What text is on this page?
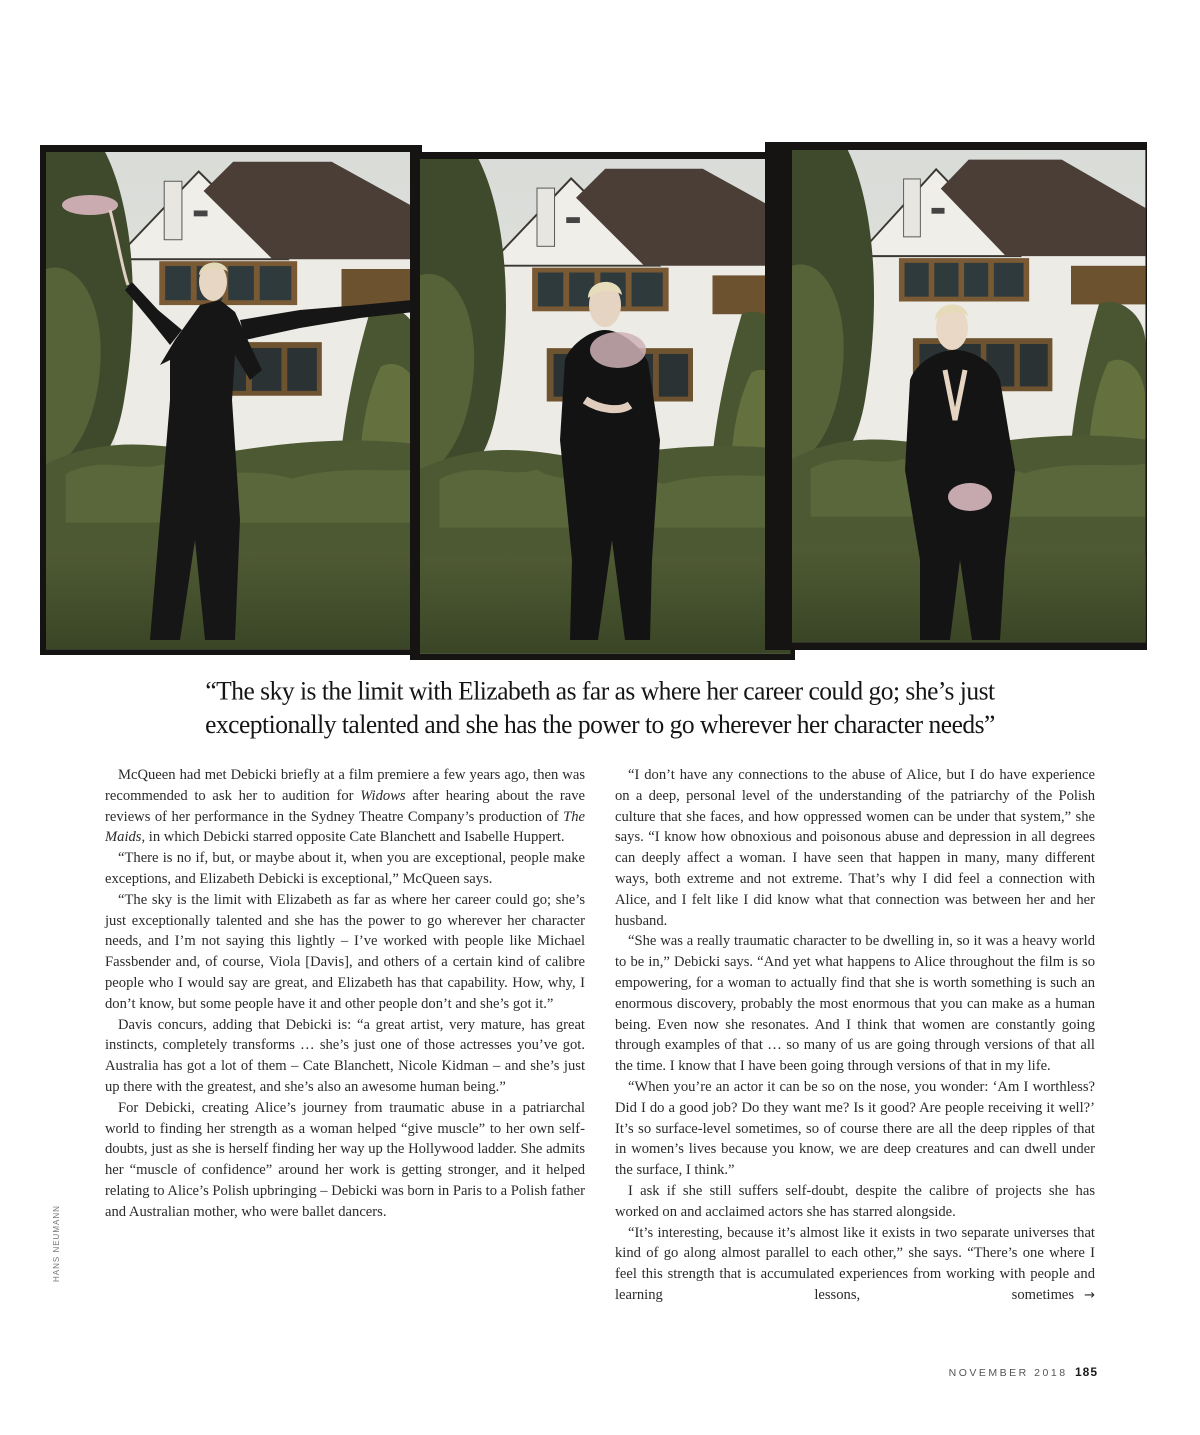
“The sky is the limit with Elizabeth as far as where her career could go; she’s just exceptionally talented and she has the power to go wherever her character needs”

McQueen had met Debicki briefly at a film premiere a few years ago, then was recommended to ask her to audition for Widows after hearing about the rave reviews of her performance in the Sydney Theatre Company’s production of The Maids, in which Debicki starred opposite Cate Blanchett and Isabelle Huppert.

“There is no if, but, or maybe about it, when you are exceptional, people make exceptions, and Elizabeth Debicki is exceptional,” McQueen says.

“The sky is the limit with Elizabeth as far as where her career could go; she’s just exceptionally talented and she has the power to go wherever her character needs, and I’m not saying this lightly – I’ve worked with people like Michael Fassbender and, of course, Viola [Davis], and others of a certain kind of calibre people who I would say are great, and Elizabeth has that capability. How, why, I don’t know, but some people have it and other people don’t and she’s got it.”

Davis concurs, adding that Debicki is: “a great artist, very mature, has great instincts, completely transforms … she’s just one of those actresses you’ve got. Australia has got a lot of them – Cate Blanchett, Nicole Kidman – and she’s just up there with the greatest, and she’s also an awesome human being.”

For Debicki, creating Alice’s journey from traumatic abuse in a patriarchal world to finding her strength as a woman helped “give muscle” to her own self-doubts, just as she is herself finding her way up the Hollywood ladder. She admits her “muscle of confidence” around her work is getting stronger, and it helped relating to Alice’s Polish upbringing – Debicki was born in Paris to a Polish father and Australian mother, who were ballet dancers.

“I don’t have any connections to the abuse of Alice, but I do have experience on a deep, personal level of the understanding of the patriarchy of the Polish culture that she faces, and how oppressed women can be under that system,” she says. “I know how obnoxious and poisonous abuse and depression in all degrees can deeply affect a woman. I have seen that happen in many, many different ways, both extreme and not extreme. That’s why I did feel a connection with Alice, and I felt like I did know what that connection was between her and her husband.

“She was a really traumatic character to be dwelling in, so it was a heavy world to be in,” Debicki says. “And yet what happens to Alice throughout the film is so empowering, for a woman to actually find that she is worth something is such an enormous discovery, probably the most enormous that you can make as a human being. Even now she resonates. And I think that women are constantly going through examples of that … so many of us are going through versions of that all the time. I know that I have been going through versions of that in my life.

“When you’re an actor it can be so on the nose, you wonder: ‘Am I worthless? Did I do a good job? Do they want me? Is it good? Are people receiving it well?’ It’s so surface-level sometimes, so of course there are all the deep ripples of that in women’s lives because you know, we are deep creatures and can dwell under the surface, I think.”

I ask if she still suffers self-doubt, despite the calibre of projects she has worked on and acclaimed actors she has starred alongside.

“It’s interesting, because it’s almost like it exists in two separate universes that kind of go along almost parallel to each other,” she says. “There’s one where I feel this strength that is accumulated experiences from working with people and learning lessons, sometimes →

HANS NEUMANN
NOVEMBER 2018 185
